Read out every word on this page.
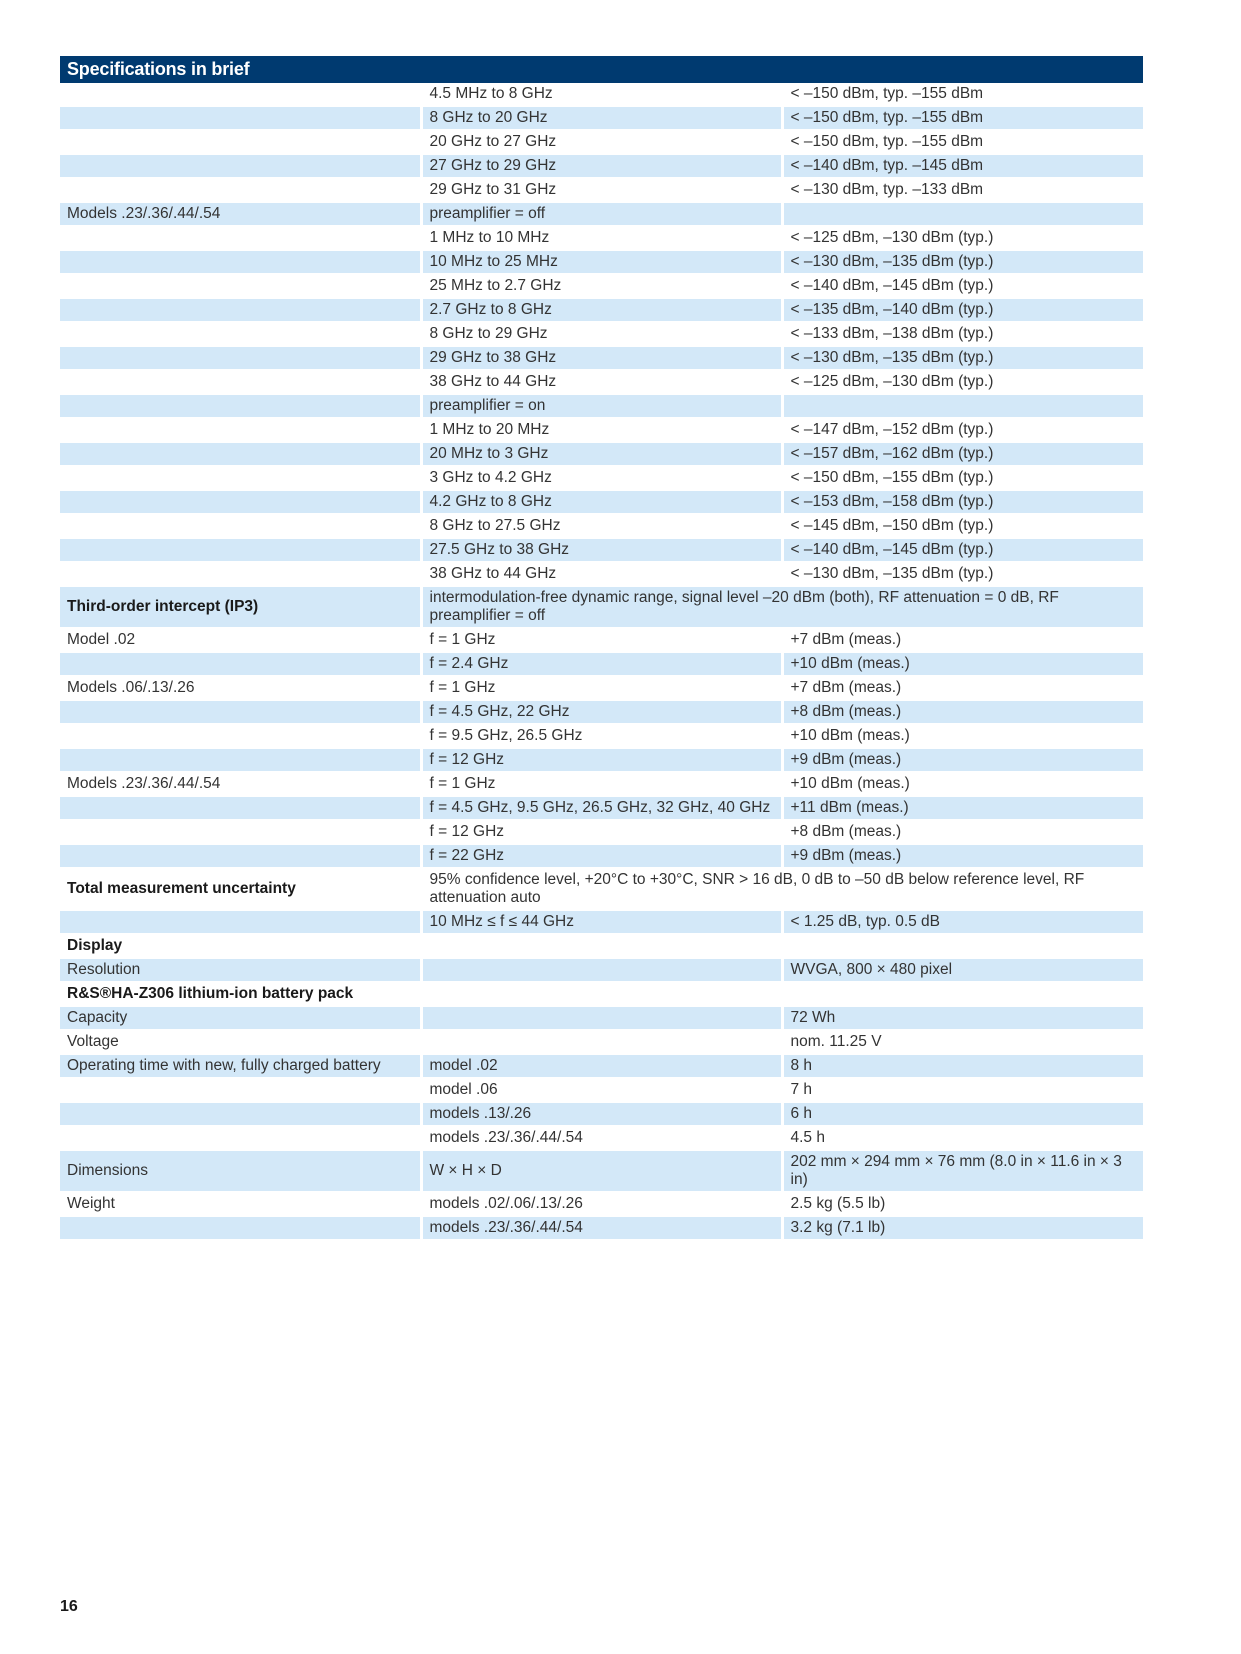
Specifications in brief
	4.5 MHz to 8 GHz	< –150 dBm, typ. –155 dBm
	8 GHz to 20 GHz	< –150 dBm, typ. –155 dBm
	20 GHz to 27 GHz	< –150 dBm, typ. –155 dBm
	27 GHz to 29 GHz	< –140 dBm, typ. –145 dBm
	29 GHz to 31 GHz	< –130 dBm, typ. –133 dBm
Models .23/.36/.44/.54	preamplifier = off	
	1 MHz to 10 MHz	< –125 dBm, –130 dBm (typ.)
	10 MHz to 25 MHz	< –130 dBm, –135 dBm (typ.)
	25 MHz to 2.7 GHz	< –140 dBm, –145 dBm (typ.)
	2.7 GHz to 8 GHz	< –135 dBm, –140 dBm (typ.)
	8 GHz to 29 GHz	< –133 dBm, –138 dBm (typ.)
	29 GHz to 38 GHz	< –130 dBm, –135 dBm (typ.)
	38 GHz to 44 GHz	< –125 dBm, –130 dBm (typ.)
	preamplifier = on	
	1 MHz to 20 MHz	< –147 dBm, –152 dBm (typ.)
	20 MHz to 3 GHz	< –157 dBm, –162 dBm (typ.)
	3 GHz to 4.2 GHz	< –150 dBm, –155 dBm (typ.)
	4.2 GHz to 8 GHz	< –153 dBm, –158 dBm (typ.)
	8 GHz to 27.5 GHz	< –145 dBm, –150 dBm (typ.)
	27.5 GHz to 38 GHz	< –140 dBm, –145 dBm (typ.)
	38 GHz to 44 GHz	< –130 dBm, –135 dBm (typ.)
Third-order intercept (IP3)	intermodulation-free dynamic range, signal level –20 dBm (both), RF attenuation = 0 dB, RF preamplifier = off	
Model .02	f = 1 GHz	+7 dBm (meas.)
	f = 2.4 GHz	+10 dBm (meas.)
Models .06/.13/.26	f = 1 GHz	+7 dBm (meas.)
	f = 4.5 GHz, 22 GHz	+8 dBm (meas.)
	f = 9.5 GHz, 26.5 GHz	+10 dBm (meas.)
	f = 12 GHz	+9 dBm (meas.)
Models .23/.36/.44/.54	f = 1 GHz	+10 dBm (meas.)
	f = 4.5 GHz, 9.5 GHz, 26.5 GHz, 32 GHz, 40 GHz	+11 dBm (meas.)
	f = 12 GHz	+8 dBm (meas.)
	f = 22 GHz	+9 dBm (meas.)
Total measurement uncertainty	95% confidence level, +20°C to +30°C, SNR > 16 dB, 0 dB to –50 dB below reference level, RF attenuation auto	
	10 MHz ≤ f ≤ 44 GHz	< 1.25 dB, typ. 0.5 dB
Display		
Resolution		WVGA, 800 × 480 pixel
R&S®HA-Z306 lithium-ion battery pack		
Capacity		72 Wh
Voltage		nom. 11.25 V
Operating time with new, fully charged battery	model .02	8 h
	model .06	7 h
	models .13/.26	6 h
	models .23/.36/.44/.54	4.5 h
Dimensions	W × H × D	202 mm × 294 mm × 76 mm (8.0 in × 11.6 in × 3 in)
Weight	models .02/.06/.13/.26	2.5 kg (5.5 lb)
	models .23/.36/.44/.54	3.2 kg (7.1 lb)
16
